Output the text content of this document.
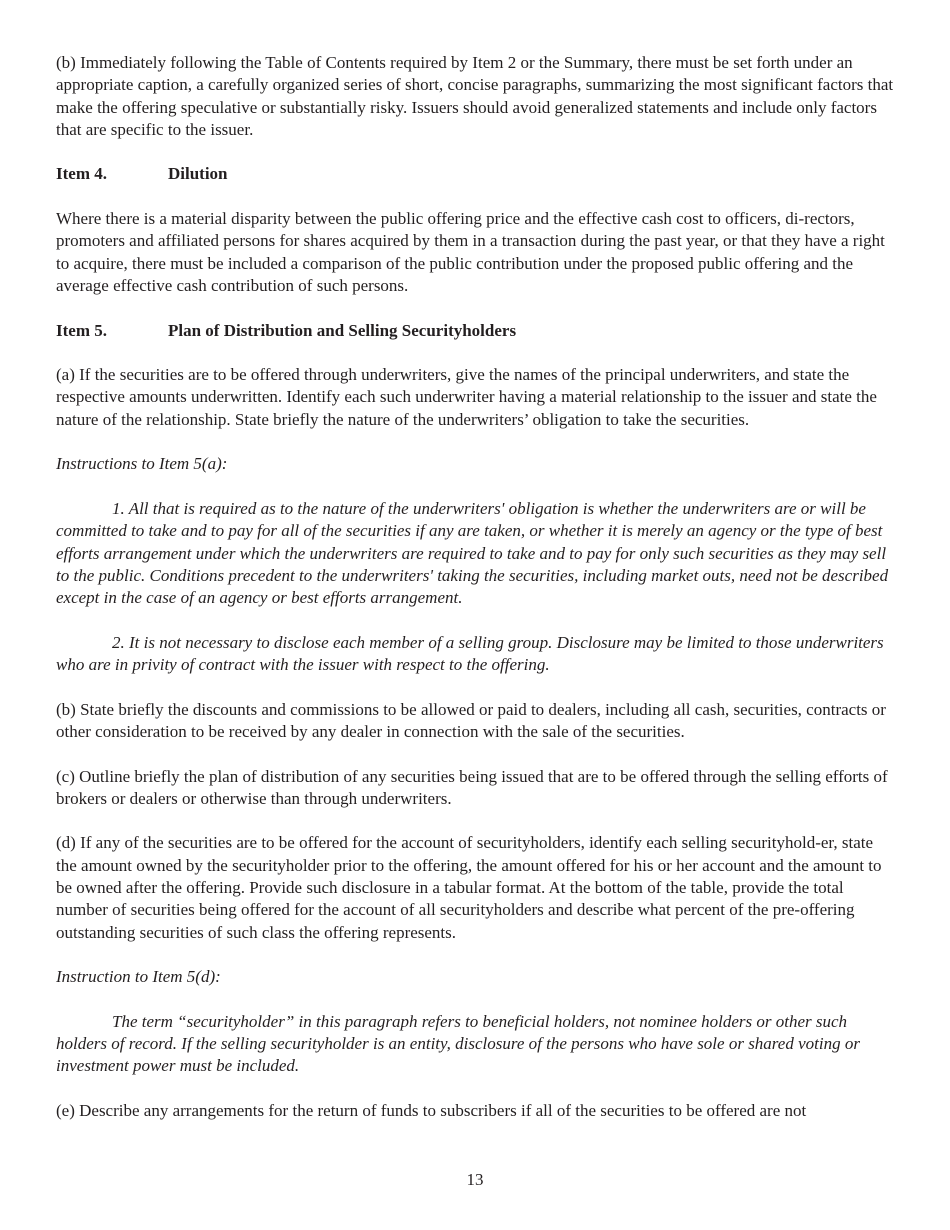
(b) Immediately following the Table of Contents required by Item 2 or the Summary, there must be set forth under an appropriate caption, a carefully organized series of short, concise paragraphs, summarizing the most significant factors that make the offering speculative or substantially risky. Issuers should avoid generalized statements and include only factors that are specific to the issuer.

Item 4.	Dilution

Where there is a material disparity between the public offering price and the effective cash cost to officers, di-rectors, promoters and affiliated persons for shares acquired by them in a transaction during the past year, or that they have a right to acquire, there must be included a comparison of the public contribution under the proposed public offering and the average effective cash contribution of such persons.

Item 5.	Plan of Distribution and Selling Securityholders

(a) If the securities are to be offered through underwriters, give the names of the principal underwriters, and state the respective amounts underwritten. Identify each such underwriter having a material relationship to the issuer and state the nature of the relationship. State briefly the nature of the underwriters’ obligation to take the securities.

Instructions to Item 5(a):

1. All that is required as to the nature of the underwriters' obligation is whether the underwriters are or will be committed to take and to pay for all of the securities if any are taken, or whether it is merely an agency or the type of best efforts arrangement under which the underwriters are required to take and to pay for only such securities as they may sell to the public. Conditions precedent to the underwriters' taking the securities, including market outs, need not be described except in the case of an agency or best efforts arrangement.

2. It is not necessary to disclose each member of a selling group. Disclosure may be limited to those underwriters who are in privity of contract with the issuer with respect to the offering.

(b) State briefly the discounts and commissions to be allowed or paid to dealers, including all cash, securities, contracts or other consideration to be received by any dealer in connection with the sale of the securities.

(c) Outline briefly the plan of distribution of any securities being issued that are to be offered through the selling efforts of brokers or dealers or otherwise than through underwriters.

(d) If any of the securities are to be offered for the account of securityholders, identify each selling securityhold-er, state the amount owned by the securityholder prior to the offering, the amount offered for his or her account and the amount to be owned after the offering. Provide such disclosure in a tabular format. At the bottom of the table, provide the total number of securities being offered for the account of all securityholders and describe what percent of the pre-offering outstanding securities of such class the offering represents.

Instruction to Item 5(d):

The term “securityholder” in this paragraph refers to beneficial holders, not nominee holders or other such holders of record. If the selling securityholder is an entity, disclosure of the persons who have sole or shared voting or investment power must be included.

(e) Describe any arrangements for the return of funds to subscribers if all of the securities to be offered are not

13
